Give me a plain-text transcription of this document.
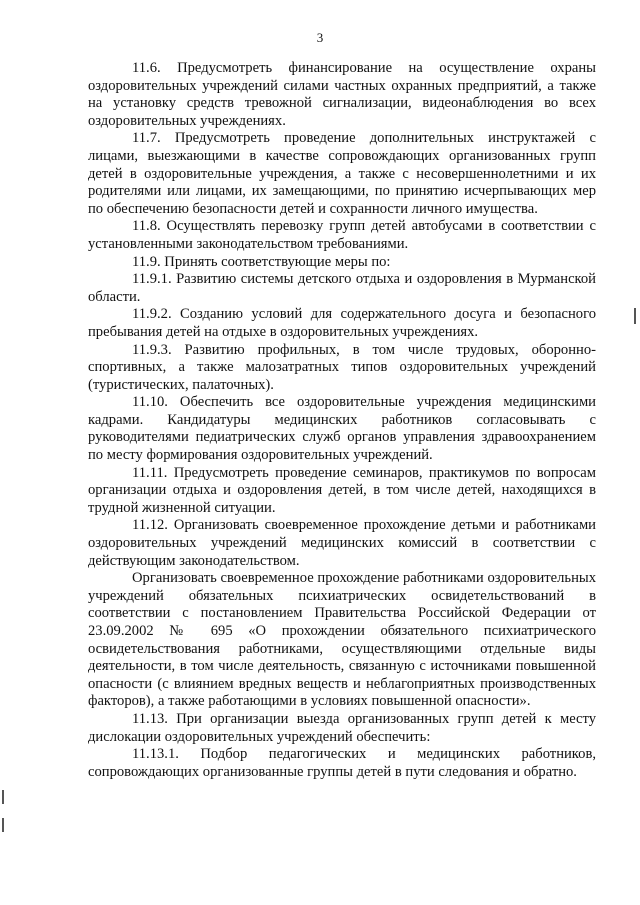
3

11.6. Предусмотреть финансирование на осуществление охраны оздоровительных учреждений силами частных охранных предприятий, а также на установку средств тревожной сигнализации, видеонаблюдения во всех оздоровительных учреждениях.

11.7. Предусмотреть проведение дополнительных инструктажей с лицами, выезжающими в качестве сопровождающих организованных групп детей в оздоровительные учреждения, а также с несовершеннолетними и их родителями или лицами, их замещающими, по принятию исчерпывающих мер по обеспечению безопасности детей и сохранности личного имущества.

11.8. Осуществлять перевозку групп детей автобусами в соответствии с установленными законодательством требованиями.

11.9. Принять соответствующие меры по:

11.9.1. Развитию системы детского отдыха и оздоровления в Мурманской области.

11.9.2. Созданию условий для содержательного досуга и безопасного пребывания детей на отдыхе в оздоровительных учреждениях.

11.9.3. Развитию профильных, в том числе трудовых, оборонно-спортивных, а также малозатратных типов оздоровительных учреждений (туристических, палаточных).

11.10. Обеспечить все оздоровительные учреждения медицинскими кадрами. Кандидатуры медицинских работников согласовывать с руководителями педиатрических служб органов управления здравоохранением по месту формирования оздоровительных учреждений.

11.11. Предусмотреть проведение семинаров, практикумов по вопросам организации отдыха и оздоровления детей, в том числе детей, находящихся в трудной жизненной ситуации.

11.12. Организовать своевременное прохождение детьми и работниками оздоровительных учреждений медицинских комиссий в соответствии с действующим законодательством.

Организовать своевременное прохождение работниками оздоровительных учреждений обязательных психиатрических освидетельствований в соответствии с постановлением Правительства Российской Федерации от 23.09.2002 № 695 «О прохождении обязательного психиатрического освидетельствования работниками, осуществляющими отдельные виды деятельности, в том числе деятельность, связанную с источниками повышенной опасности (с влиянием вредных веществ и неблагоприятных производственных факторов), а также работающими в условиях повышенной опасности».

11.13. При организации выезда организованных групп детей к месту дислокации оздоровительных учреждений обеспечить:

11.13.1. Подбор педагогических и медицинских работников, сопровождающих организованные группы детей в пути следования и обратно.
